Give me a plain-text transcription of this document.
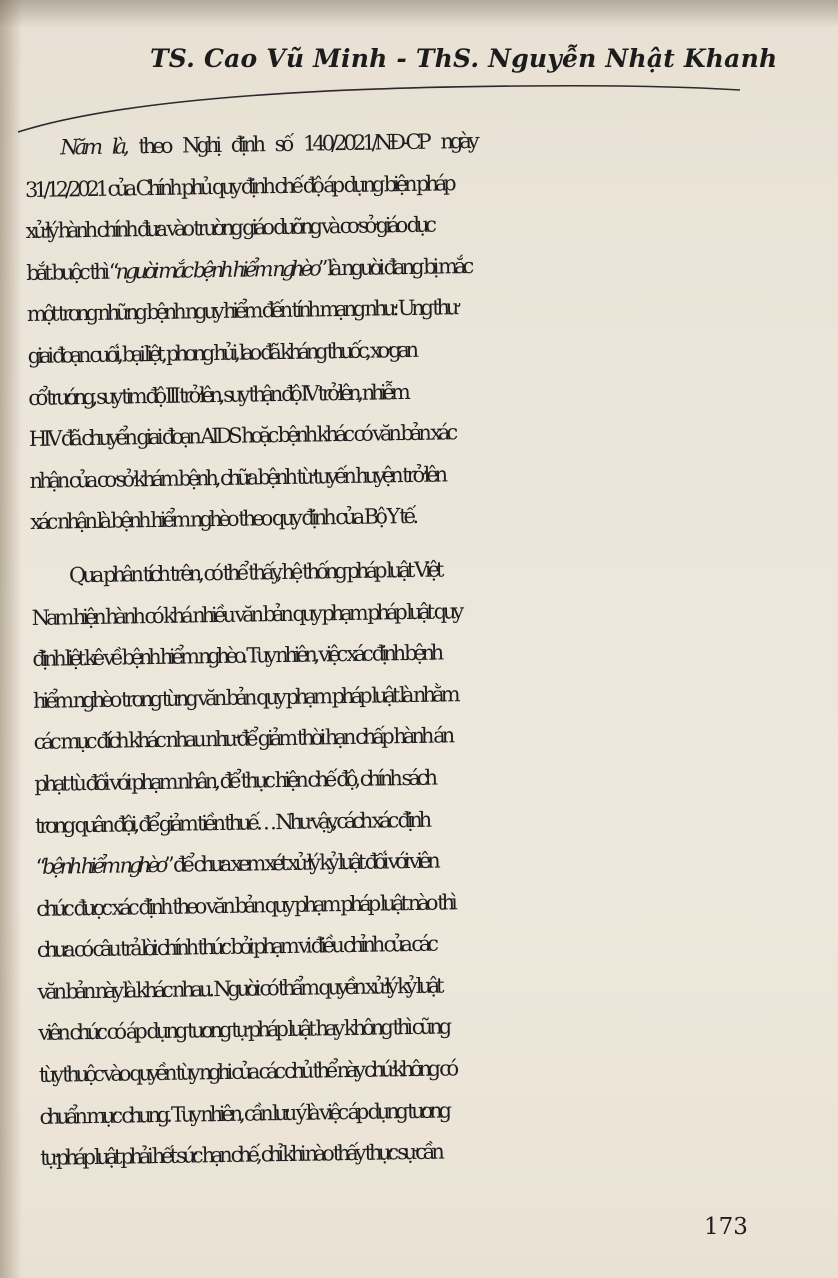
TS. Cao Vũ Minh - ThS. Nguyễn Nhật Khanh
Năm là, theo Nghị định số 140/2021/NĐ-CP ngày
31/12/2021 của Chính phủ quy định chế độ áp dụng biện pháp
xử lý hành chính đưa vào trường giáo dưỡng và cơ sở giáo dục
bắt buộc thì “người mắc bệnh hiểm nghèo” là người đang bị mắc
một trong những bệnh nguy hiểm đến tính mạng như: Ung thư
giai đoạn cuối, bại liệt, phong hủi, lao đã kháng thuốc, xơ gan
cổ trướng, suy tim độ III trở lên, suy thận độ IV trở lên, nhiễm
HIV đã chuyển giai đoạn AIDS hoặc bệnh khác có văn bản xác
nhận của cơ sở khám bệnh, chữa bệnh từ tuyến huyện trở lên
xác nhận là bệnh hiểm nghèo theo quy định của Bộ Y tế.
Qua phân tích trên, có thể thấy, hệ thống pháp luật Việt
Nam hiện hành có khá nhiều văn bản quy phạm pháp luật quy
định liệt kê về bệnh hiểm nghèo. Tuy nhiên, việc xác định bệnh
hiểm nghèo trong từng văn bản quy phạm pháp luật là nhằm
các mục đích khác nhau như để giảm thời hạn chấp hành án
phạt tù đối với phạm nhân, để thực hiện chế độ, chính sách
trong quân đội, để giảm tiền thuế… Như vậy, cách xác định
“bệnh hiểm nghèo” để chưa xem xét xử lý kỷ luật đối với viên
chức được xác định theo văn bản quy phạm pháp luật nào thì
chưa có câu trả lời chính thức bởi phạm vi điều chỉnh của các
văn bản này là khác nhau. Người có thẩm quyền xử lý kỷ luật
viên chức có áp dụng tương tự pháp luật hay không thì cũng
tùy thuộc vào quyền tùy nghi của các chủ thể này chứ không có
chuẩn mực chung. Tuy nhiên, cần lưu ý là việc áp dụng tương
tự pháp luật phải hết sức hạn chế, chỉ khi nào thấy thực sự cần
173
